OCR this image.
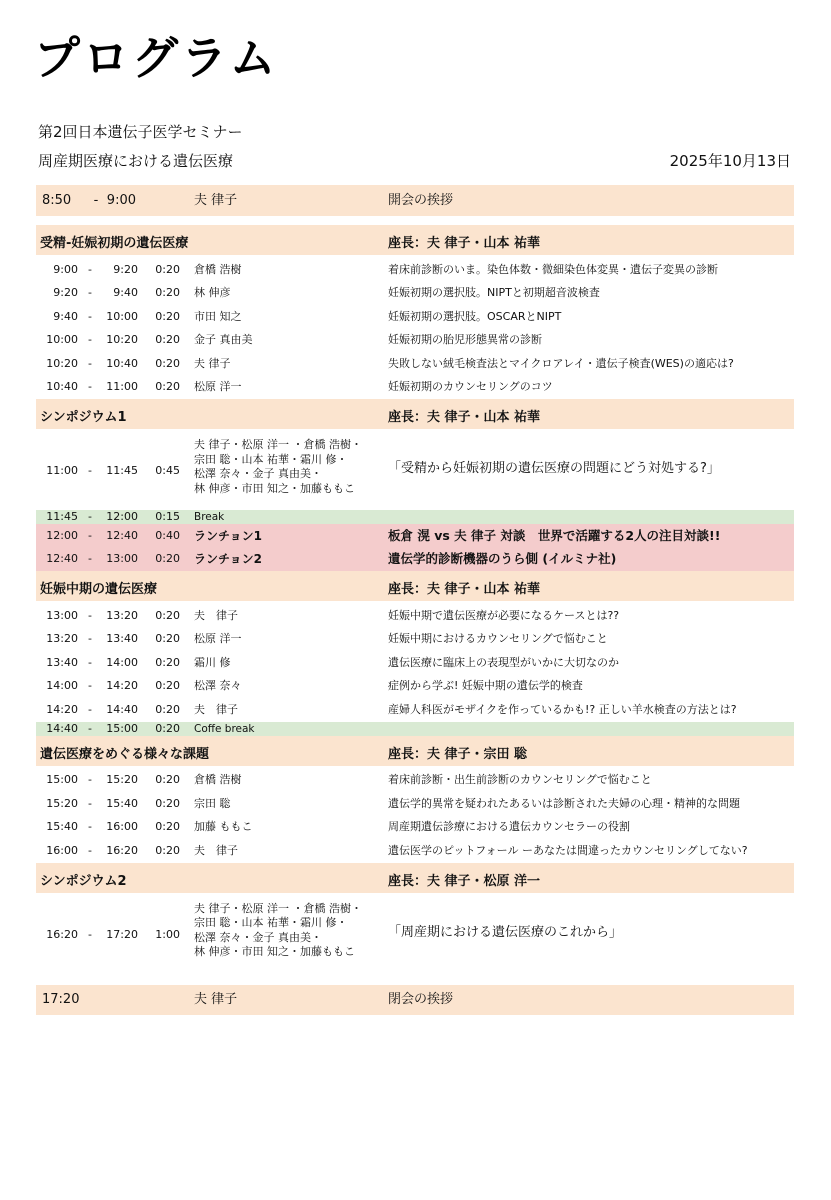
プログラム
第2回日本遺伝子医学セミナー
周産期医療における遺伝医療	2025年10月13日
8:50 - 9:00	夫 律子	開会の挨拶
受精-妊娠初期の遺伝医療	座長：夫 律子・山本 祐華
9:00 -	9:20	0:20 倉橋 浩樹	着床前診断のいま。染色体数・微細染色体変異・遺伝子変異の診断
9:20 -	9:40	0:20 林 伸彦	妊娠初期の選択肢。NIPTと初期超音波検査
9:40 -	10:00	0:20 市田 知之	妊娠初期の選択肢。OSCARとNIPT
10:00 -	10:20	0:20 金子 真由美	妊娠初期の胎児形態異常の診断
10:20 -	10:40	0:20 夫 律子	失敗しない絨毛検査法とマイクロアレイ・遺伝子検査(WES)の適応は?
10:40 -	11:00	0:20 松原 洋一	妊娠初期のカウンセリングのコツ
シンポジウム1	座長：夫 律子・山本 祐華
11:00 -	11:45	0:45
夫 律子・松原 洋一 ・倉橋 浩樹・
宗田 聡・山本 祐華・霜川 修・
松澤 奈々・金子 真由美・
林 伸彦・市田 知之・加藤ももこ
「受精から妊娠初期の遺伝医療の問題にどう対処する?」
11:45 -	12:00	0:15 Break
12:00 -	12:40	0:40 ランチョン1	板倉 滉 vs 夫 律子 対談　世界で活躍する2人の注目対談!!
12:40 -	13:00	0:20 ランチョン2	遺伝学的診断機器のうら側 (イルミナ社)
妊娠中期の遺伝医療	座長：夫 律子・山本 祐華
13:00 -	13:20	0:20 夫　律子	妊娠中期で遺伝医療が必要になるケースとは??
13:20 -	13:40	0:20 松原 洋一	妊娠中期におけるカウンセリングで悩むこと
13:40 -	14:00	0:20 霜川 修	遺伝医療に臨床上の表現型がいかに大切なのか
14:00 -	14:20	0:20 松澤 奈々	症例から学ぶ! 妊娠中期の遺伝学的検査
14:20 -	14:40	0:20 夫　律子	産婦人科医がモザイクを作っているかも!? 正しい羊水検査の方法とは?
14:40 -	15:00	0:20 Coffe break
遺伝医療をめぐる様々な課題	座長：夫 律子・宗田 聡
15:00 -	15:20	0:20 倉橋 浩樹	着床前診断・出生前診断のカウンセリングで悩むこと
15:20 -	15:40	0:20 宗田 聡	遺伝学的異常を疑われたあるいは診断された夫婦の心理・精神的な問題
15:40 -	16:00	0:20 加藤 ももこ	周産期遺伝診療における遺伝カウンセラーの役割
16:00 -	16:20	0:20 夫　律子	遺伝医学のピットフォール ーあなたは間違ったカウンセリングしてない?
シンポジウム2	座長：夫 律子・松原 洋一
16:20 -	17:20	1:00
夫 律子・松原 洋一 ・倉橋 浩樹・
宗田 聡・山本 祐華・霜川 修・
松澤 奈々・金子 真由美・
林 伸彦・市田 知之・加藤ももこ
「周産期における遺伝医療のこれから」
17:20	夫 律子	閉会の挨拶
